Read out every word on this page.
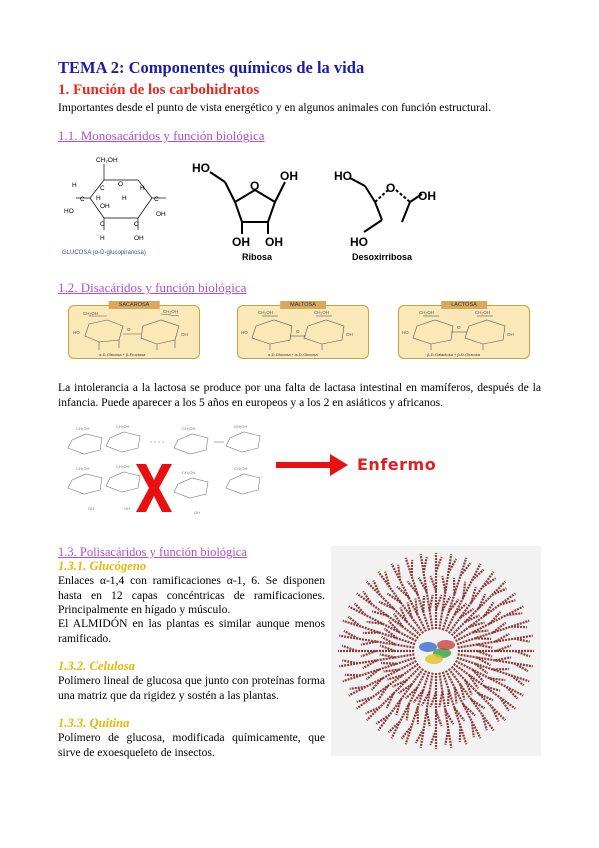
TEMA 2: Componentes químicos de la vida
1. Función de los carbohidratos
Importantes desde el punto de vista energético y en algunos animales con función estructural.
1.1. Monosacáridos y función biológica
CH₂OH
C
O
H
H
C H
HO
OH
H	C
OH
C	C
H	OH
GLUCOSA (α-D-glucopiranosa)
HO
O
OH
OH OH
Ribosa
HO
O
OH
HO
Desoxirribosa
1.2. Disacáridos y función biológica
SACAROSA
CH₂OH	CH₂OH
HO	OH
O
α-D-Glucosa + β-Fructosa
MALTOSA
CH₂OH	CH₂OH
HO	OH
O
α-D-Glucosa + α-D-Glucosa
LACTOSA
CH₂OH	CH₂OH
HO	OH
O
β-D-Galactosa + β-D-Glucosa
La intolerancia a la lactosa se produce por una falta de lactasa intestinal en mamíferos, después de la infancia. Puede aparecer a los 5 años en europeos y a los 2 en asiáticos y africanos.
CH₂OH	CH₂OH	CH₂OH	CH₂OH
CH₂OH	CH₂OH
CH₂OH
CH₂OH
OH	OH
OH
Enfermo
1.3. Polisacáridos y función biológica
1.3.1. Glucógeno
Enlaces α-1,4 con ramificaciones α-1, 6. Se disponen hasta en 12 capas concéntricas de ramificaciones. Principalmente en hígado y músculo.
El ALMIDÓN en las plantas es similar aunque menos ramificado.
1.3.2. Celulosa
Polímero lineal de glucosa que junto con proteínas forma una matriz que da rigidez y sostén a las plantas.
1.3.3. Quitina
Polímero de glucosa, modificada químicamente, que sirve de exoesqueleto de insectos.
